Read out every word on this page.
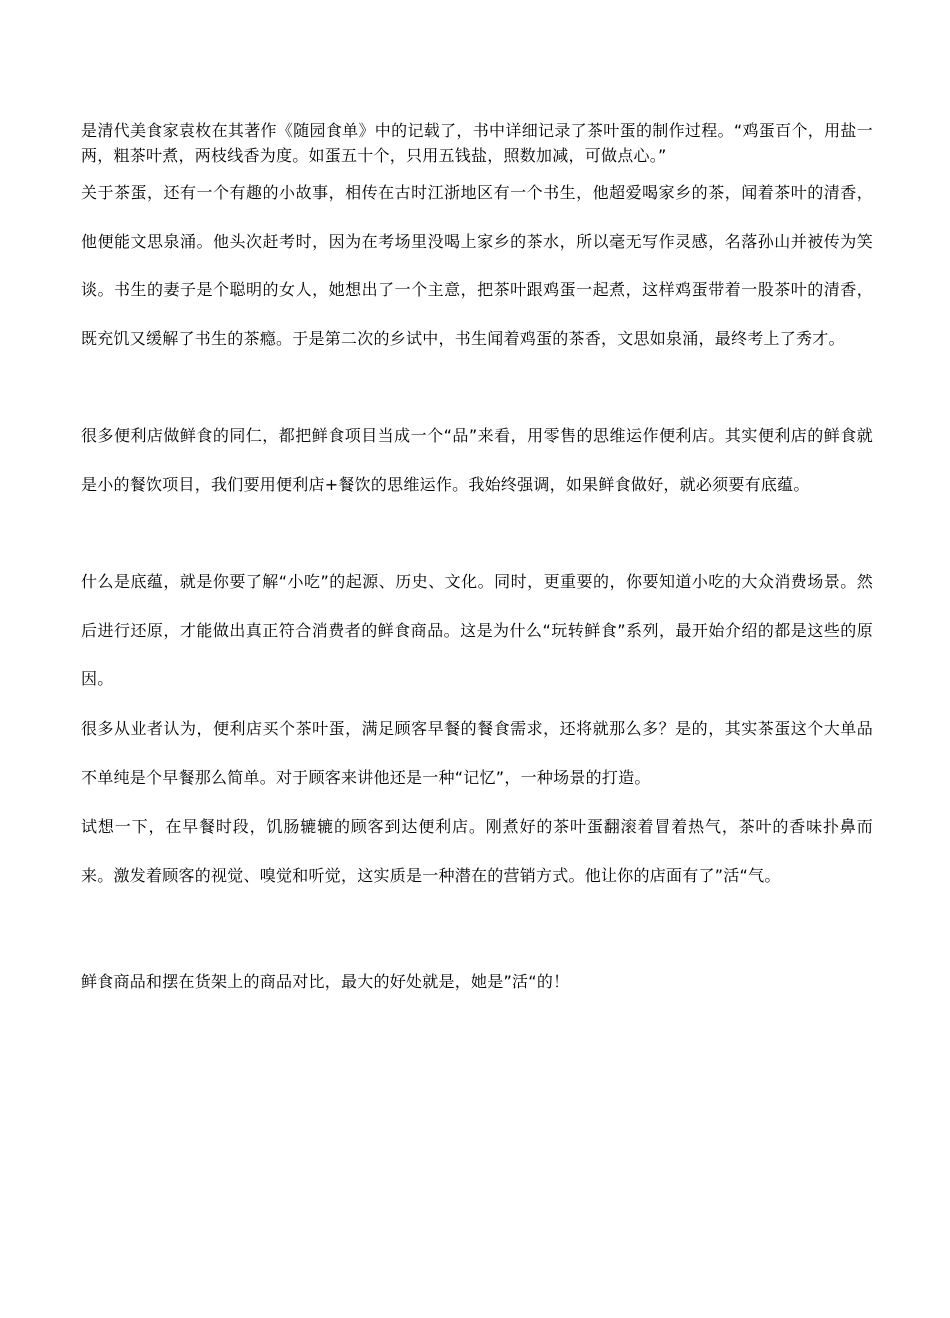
是清代美食家袁枚在其著作《随园食单》中的记载了，书中详细记录了茶叶蛋的制作过程。“鸡蛋百个，用盐一两，粗茶叶煮，两枝线香为度。如蛋五十个，只用五钱盐，照数加减，可做点心。”

关于茶蛋，还有一个有趣的小故事，相传在古时江浙地区有一个书生，他超爱喝家乡的茶，闻着茶叶的清香，他便能文思泉涌。他头次赶考时，因为在考场里没喝上家乡的茶水，所以毫无写作灵感，名落孙山并被传为笑谈。书生的妻子是个聪明的女人，她想出了一个主意，把茶叶跟鸡蛋一起煮，这样鸡蛋带着一股茶叶的清香，既充饥又缓解了书生的茶瘾。于是第二次的乡试中，书生闻着鸡蛋的茶香，文思如泉涌，最终考上了秀才。

很多便利店做鲜食的同仁，都把鲜食项目当成一个“品”来看，用零售的思维运作便利店。其实便利店的鲜食就是小的餐饮项目，我们要用便利店+餐饮的思维运作。我始终强调，如果鲜食做好，就必须要有底蕴。

什么是底蕴，就是你要了解“小吃”的起源、历史、文化。同时，更重要的，你要知道小吃的大众消费场景。然后进行还原，才能做出真正符合消费者的鲜食商品。这是为什么“玩转鲜食”系列，最开始介绍的都是这些的原因。

很多从业者认为，便利店买个茶叶蛋，满足顾客早餐的餐食需求，还将就那么多？是的，其实茶蛋这个大单品不单纯是个早餐那么简单。对于顾客来讲他还是一种“记忆”，一种场景的打造。

试想一下，在早餐时段，饥肠辘辘的顾客到达便利店。刚煮好的茶叶蛋翻滚着冒着热气，茶叶的香味扑鼻而来。激发着顾客的视觉、嗅觉和听觉，这实质是一种潜在的营销方式。他让你的店面有了”活“气。

鲜食商品和摆在货架上的商品对比，最大的好处就是，她是”活“的！
